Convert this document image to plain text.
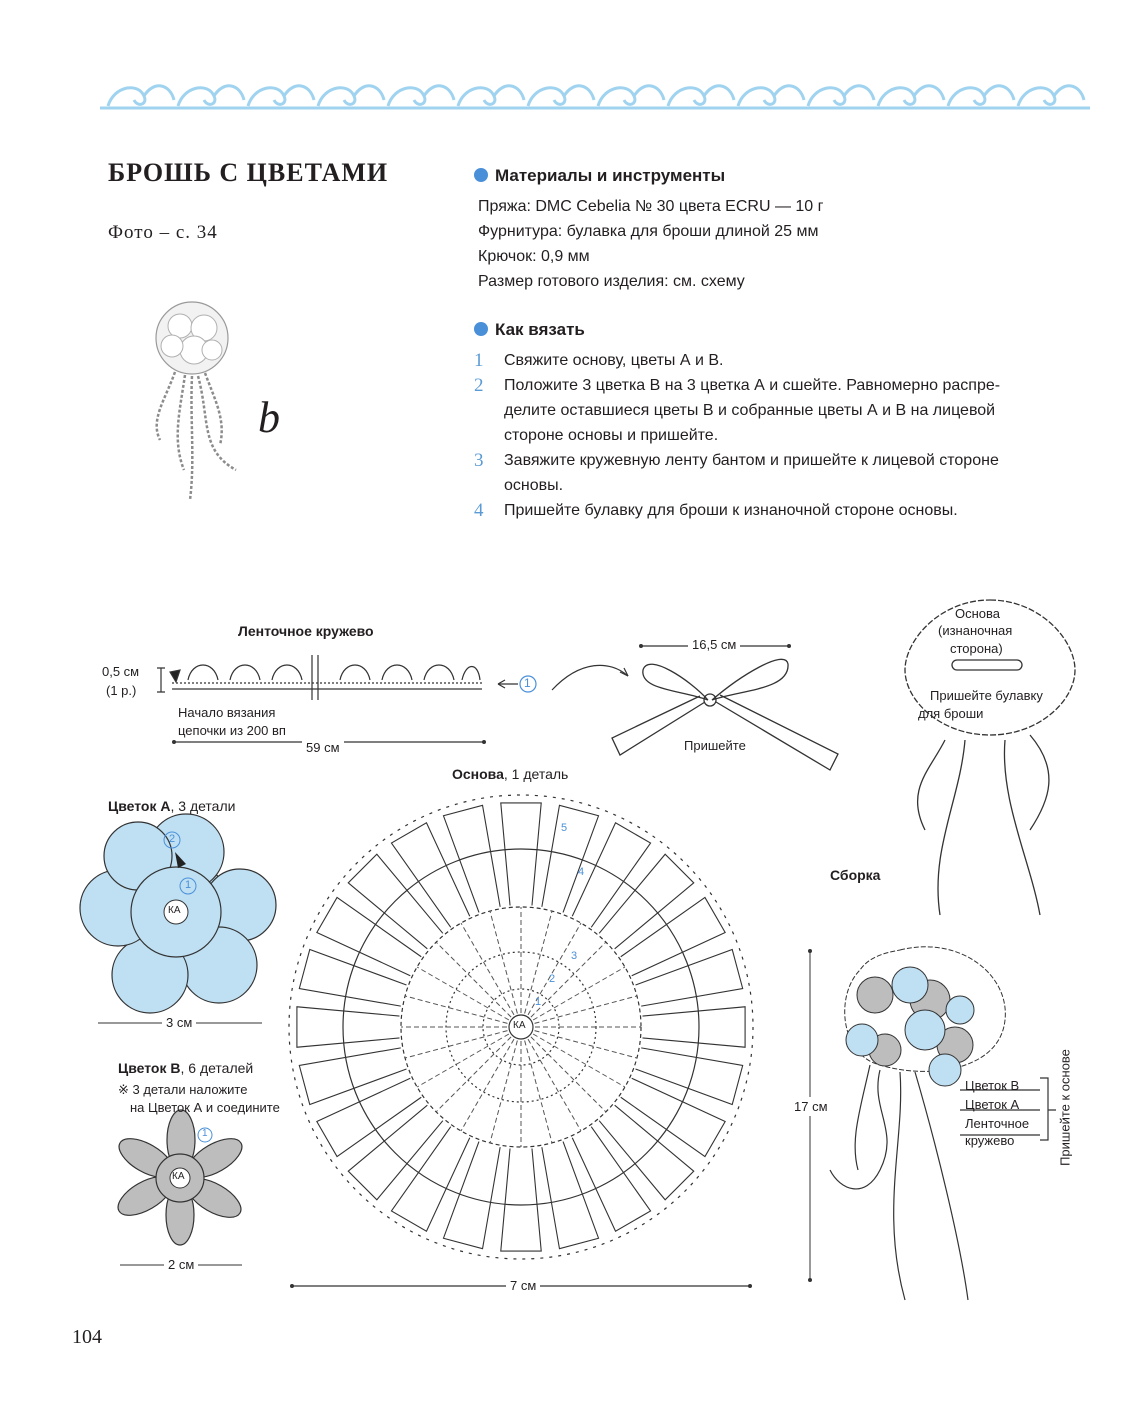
БРОШЬ С ЦВЕТАМИ
Фото – с. 34
b
Материалы и инструменты
Пряжа: DMC Cebelia № 30 цвета ECRU — 10 г
Фурнитура: булавка для броши длиной 25 мм
Крючок: 0,9 мм
Размер готового изделия: см. схему
Как вязать
1 Свяжите основу, цветы А и В.
2 Положите 3 цветка В на 3 цветка А и сшейте. Равномерно распре-
делите оставшиеся цветы В и собранные цветы А и В на лицевой
стороне основы и пришейте.
3 Завяжите кружевную ленту бантом и пришейте к лицевой стороне
основы.
4 Пришейте булавку для броши к изнаночной стороне основы.
Ленточное кружево
0,5 см
(1 р.)
Начало вязания
цепочки из 200 вп
59 см
1
16,5 см
Пришейте
Основа
(изнаночная
сторона)
Пришейте булавку
для броши
Основа, 1 деталь
7 см
КА
1
2
3
4
5
Цветок А, 3 детали
3 см
КА
2
1
Цветок В, 6 деталей
※ 3 детали наложите
на Цветок А и соедините
2 см
КА
1
Сборка
17 см
Цветок В
Цветок А
Ленточное
кружево	Пришейте к основе
104
